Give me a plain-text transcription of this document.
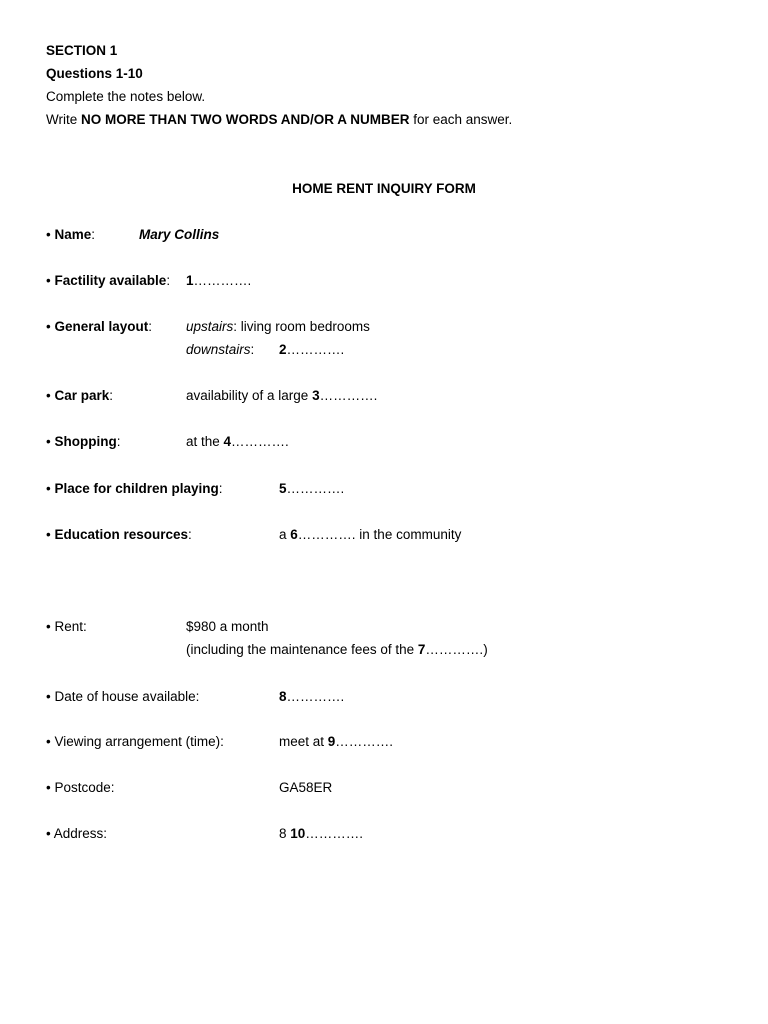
SECTION 1
Questions 1-10
Complete the notes below.
Write NO MORE THAN TWO WORDS AND/OR A NUMBER for each answer.
HOME RENT INQUIRY FORM
• Name:	Mary Collins
• Factility available: 1………….
• General layout:	upstairs: living room bedrooms
downstairs: 2………….
• Car park:	availability of a large 3………….
• Shopping:	at the 4………….
• Place for children playing:	5………….
• Education resources:	a 6…………. in the community
• Rent:	$980 a month
(including the maintenance fees of the 7………….)
• Date of house available:	8………….
• Viewing arrangement (time):	meet at 9………….
• Postcode:	GA58ER
• Address:	8 10………….
